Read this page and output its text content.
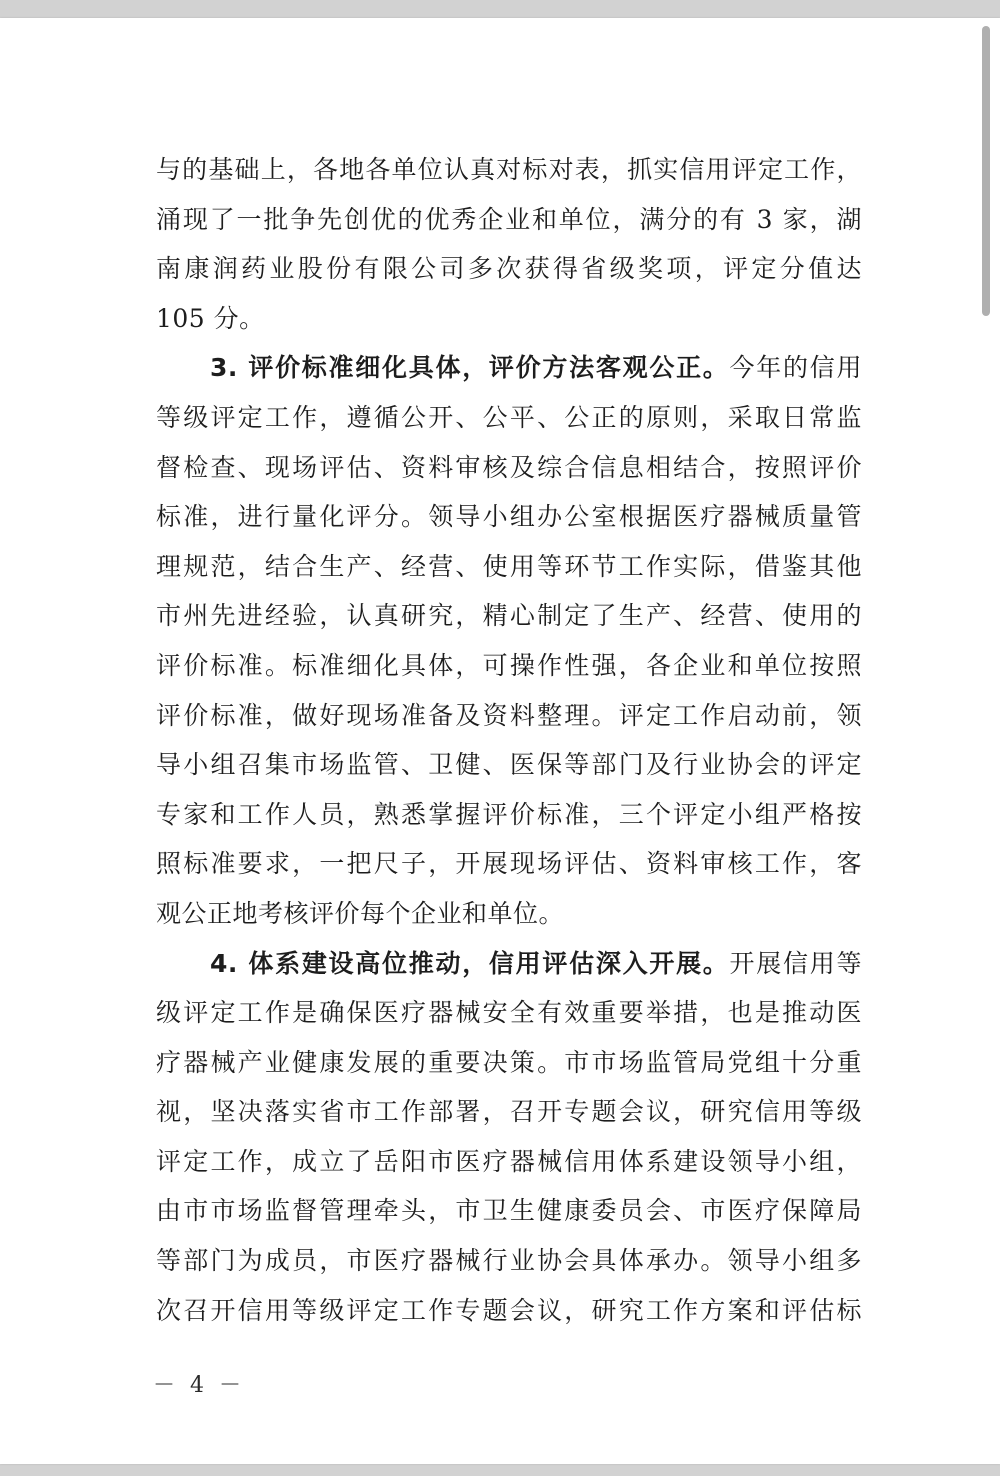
与的基础上，各地各单位认真对标对表，抓实信用评定工作，
涌现了一批争先创优的优秀企业和单位，满分的有 3 家，湖
南康润药业股份有限公司多次获得省级奖项，评定分值达
105 分。
3. 评价标准细化具体，评价方法客观公正。今年的信用
等级评定工作，遵循公开、公平、公正的原则，采取日常监
督检查、现场评估、资料审核及综合信息相结合，按照评价
标准，进行量化评分。领导小组办公室根据医疗器械质量管
理规范，结合生产、经营、使用等环节工作实际，借鉴其他
市州先进经验，认真研究，精心制定了生产、经营、使用的
评价标准。标准细化具体，可操作性强，各企业和单位按照
评价标准，做好现场准备及资料整理。评定工作启动前，领
导小组召集市场监管、卫健、医保等部门及行业协会的评定
专家和工作人员，熟悉掌握评价标准，三个评定小组严格按
照标准要求，一把尺子，开展现场评估、资料审核工作，客
观公正地考核评价每个企业和单位。
4. 体系建设高位推动，信用评估深入开展。开展信用等
级评定工作是确保医疗器械安全有效重要举措，也是推动医
疗器械产业健康发展的重要决策。市市场监管局党组十分重
视，坚决落实省市工作部署，召开专题会议，研究信用等级
评定工作，成立了岳阳市医疗器械信用体系建设领导小组，
由市市场监督管理牵头，市卫生健康委员会、市医疗保障局
等部门为成员，市医疗器械行业协会具体承办。领导小组多
次召开信用等级评定工作专题会议，研究工作方案和评估标
－ 4 －
